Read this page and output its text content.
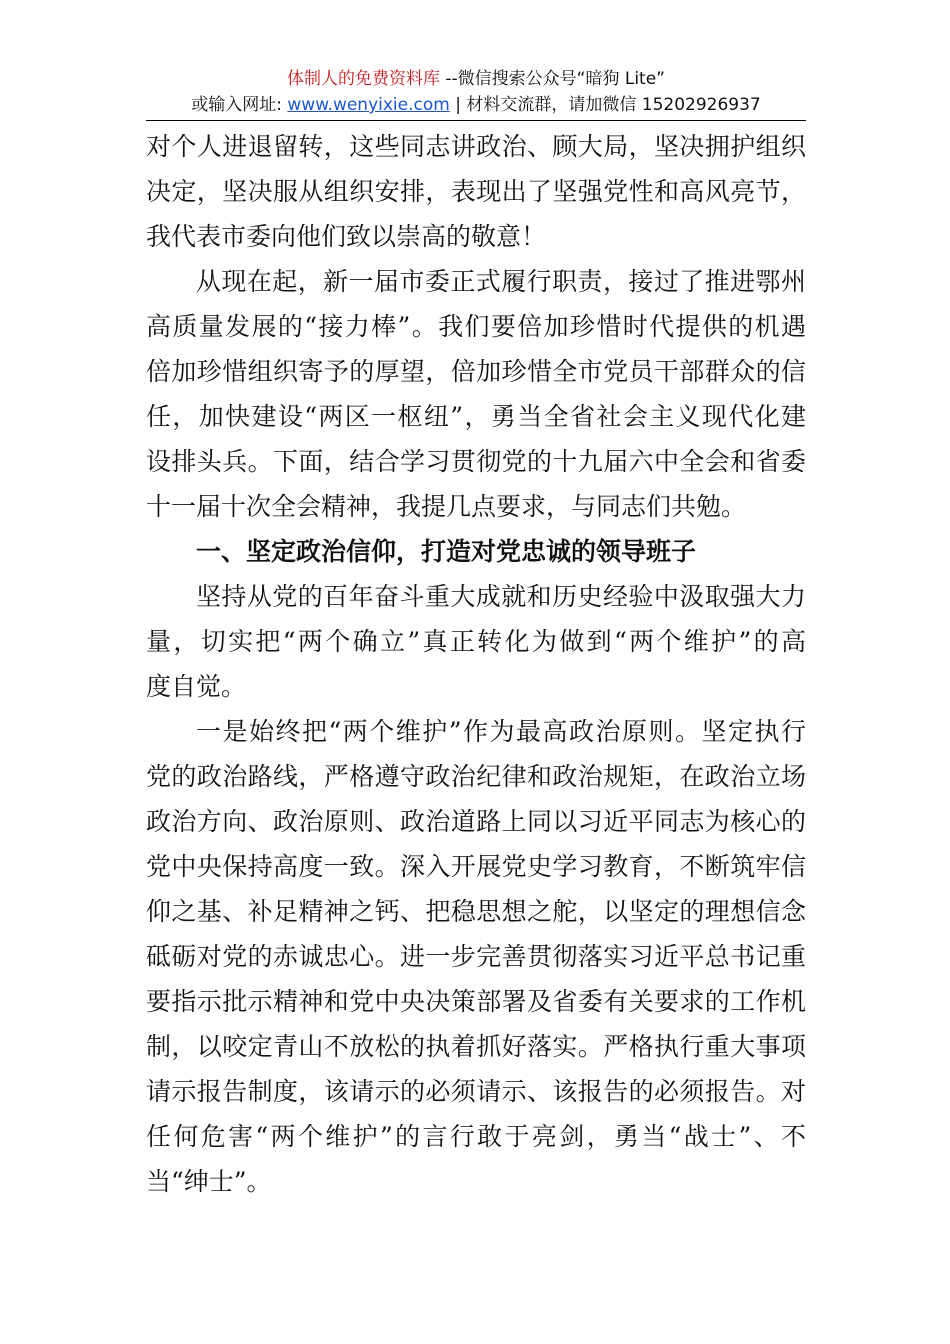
体制人的免费资料库 --微信搜索公众号“暗狗 Lite”
或输入网址: www.wenyixie.com | 材料交流群，请加微信 15202926937
对个人进退留转，这些同志讲政治、顾大局，坚决拥护组织
决定，坚决服从组织安排，表现出了坚强党性和高风亮节，
我代表市委向他们致以崇高的敬意！
从现在起，新一届市委正式履行职责，接过了推进鄂州
高质量发展的“接力棒”。我们要倍加珍惜时代提供的机遇
倍加珍惜组织寄予的厚望，倍加珍惜全市党员干部群众的信
任，加快建设“两区一枢纽”，勇当全省社会主义现代化建
设排头兵。下面，结合学习贯彻党的十九届六中全会和省委
十一届十次全会精神，我提几点要求，与同志们共勉。
一、坚定政治信仰，打造对党忠诚的领导班子
坚持从党的百年奋斗重大成就和历史经验中汲取强大力
量，切实把“两个确立”真正转化为做到“两个维护”的高
度自觉。
一是始终把“两个维护”作为最高政治原则。坚定执行
党的政治路线，严格遵守政治纪律和政治规矩，在政治立场
政治方向、政治原则、政治道路上同以习近平同志为核心的
党中央保持高度一致。深入开展党史学习教育，不断筑牢信
仰之基、补足精神之钙、把稳思想之舵，以坚定的理想信念
砥砺对党的赤诚忠心。进一步完善贯彻落实习近平总书记重
要指示批示精神和党中央决策部署及省委有关要求的工作机
制，以咬定青山不放松的执着抓好落实。严格执行重大事项
请示报告制度，该请示的必须请示、该报告的必须报告。对
任何危害“两个维护”的言行敢于亮剑，勇当“战士”、不
当“绅士”。
